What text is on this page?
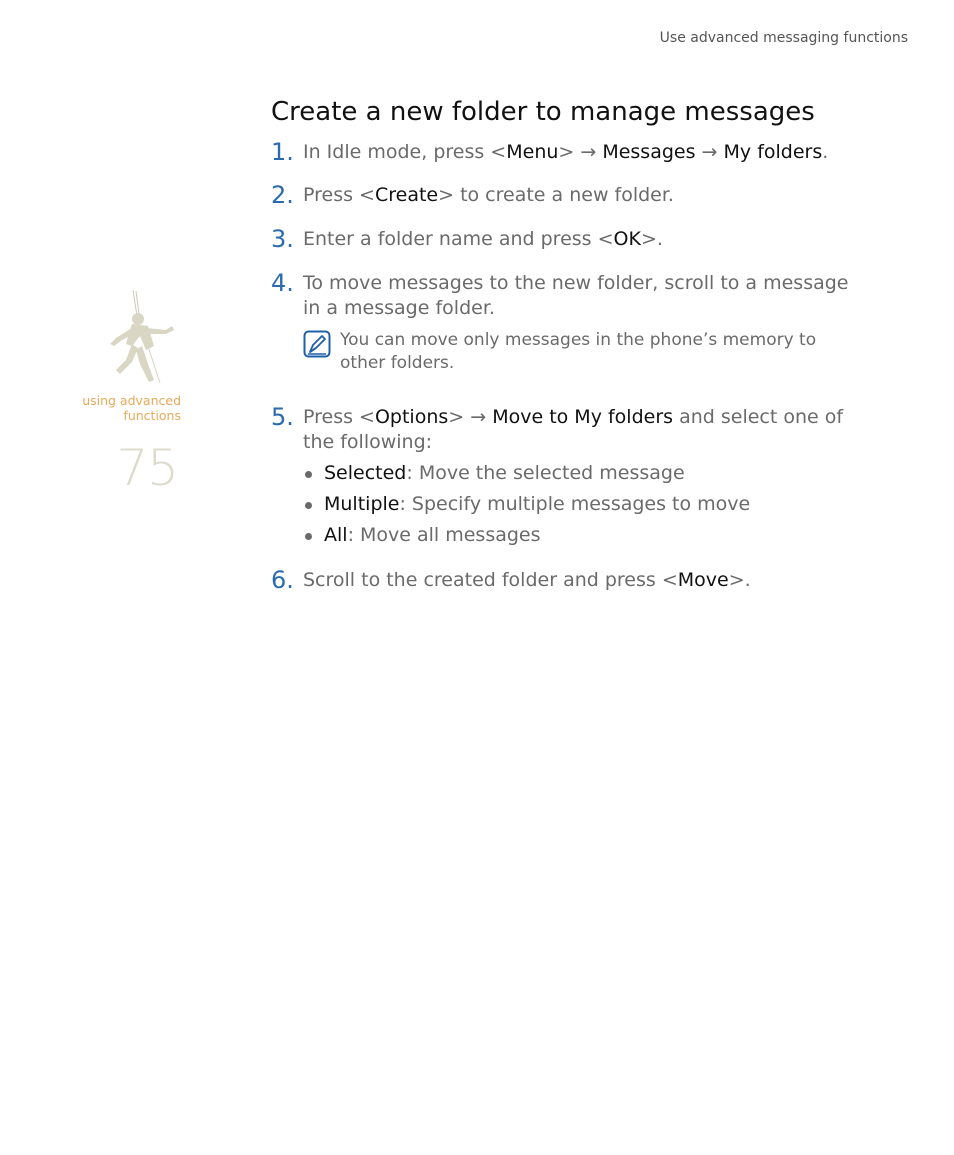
Use advanced messaging functions
using advanced functions
75
Create a new folder to manage messages
1. In Idle mode, press <Menu> → Messages → My folders.
2. Press <Create> to create a new folder.
3. Enter a folder name and press <OK>.
4. To move messages to the new folder, scroll to a message in a message folder.
You can move only messages in the phone’s memory to other folders.
5. Press <Options> → Move to My folders and select one of the following:
Selected: Move the selected message
Multiple: Specify multiple messages to move
All: Move all messages
6. Scroll to the created folder and press <Move>.
